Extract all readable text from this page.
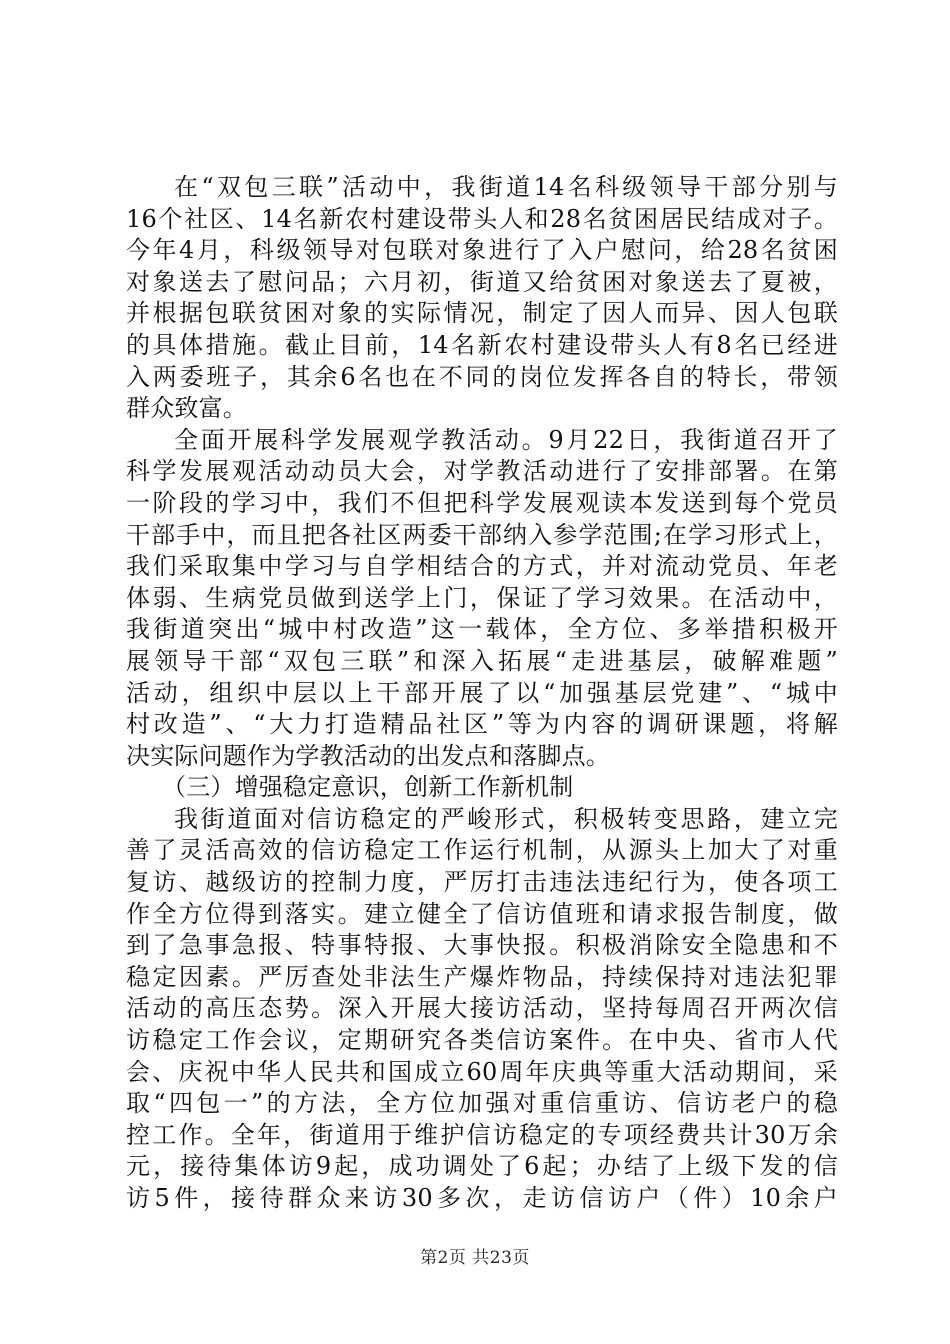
在“双包三联”活动中，我街道14名科级领导干部分别与
16个社区、14名新农村建设带头人和28名贫困居民结成对子。
今年4月，科级领导对包联对象进行了入户慰问，给28名贫困
对象送去了慰问品；六月初，街道又给贫困对象送去了夏被，
并根据包联贫困对象的实际情况，制定了因人而异、因人包联
的具体措施。截止目前，14名新农村建设带头人有8名已经进
入两委班子，其余6名也在不同的岗位发挥各自的特长，带领
群众致富。
全面开展科学发展观学教活动。9月22日，我街道召开了
科学发展观活动动员大会，对学教活动进行了安排部署。在第
一阶段的学习中，我们不但把科学发展观读本发送到每个党员
干部手中，而且把各社区两委干部纳入参学范围;在学习形式上，
我们采取集中学习与自学相结合的方式，并对流动党员、年老
体弱、生病党员做到送学上门，保证了学习效果。在活动中，
我街道突出“城中村改造”这一载体，全方位、多举措积极开
展领导干部“双包三联”和深入拓展“走进基层，破解难题”
活动，组织中层以上干部开展了以“加强基层党建”、“城中
村改造”、“大力打造精品社区”等为内容的调研课题，将解
决实际问题作为学教活动的出发点和落脚点。
（三）增强稳定意识，创新工作新机制
我街道面对信访稳定的严峻形式，积极转变思路，建立完
善了灵活高效的信访稳定工作运行机制，从源头上加大了对重
复访、越级访的控制力度，严厉打击违法违纪行为，使各项工
作全方位得到落实。建立健全了信访值班和请求报告制度，做
到了急事急报、特事特报、大事快报。积极消除安全隐患和不
稳定因素。严厉查处非法生产爆炸物品，持续保持对违法犯罪
活动的高压态势。深入开展大接访活动，坚持每周召开两次信
访稳定工作会议，定期研究各类信访案件。在中央、省市人代
会、庆祝中华人民共和国成立60周年庆典等重大活动期间，采
取“四包一”的方法，全方位加强对重信重访、信访老户的稳
控工作。全年，街道用于维护信访稳定的专项经费共计30万余
元，接待集体访9起，成功调处了6起；办结了上级下发的信
访5件，接待群众来访30多次，走访信访户（件）10余户
第2页 共23页
